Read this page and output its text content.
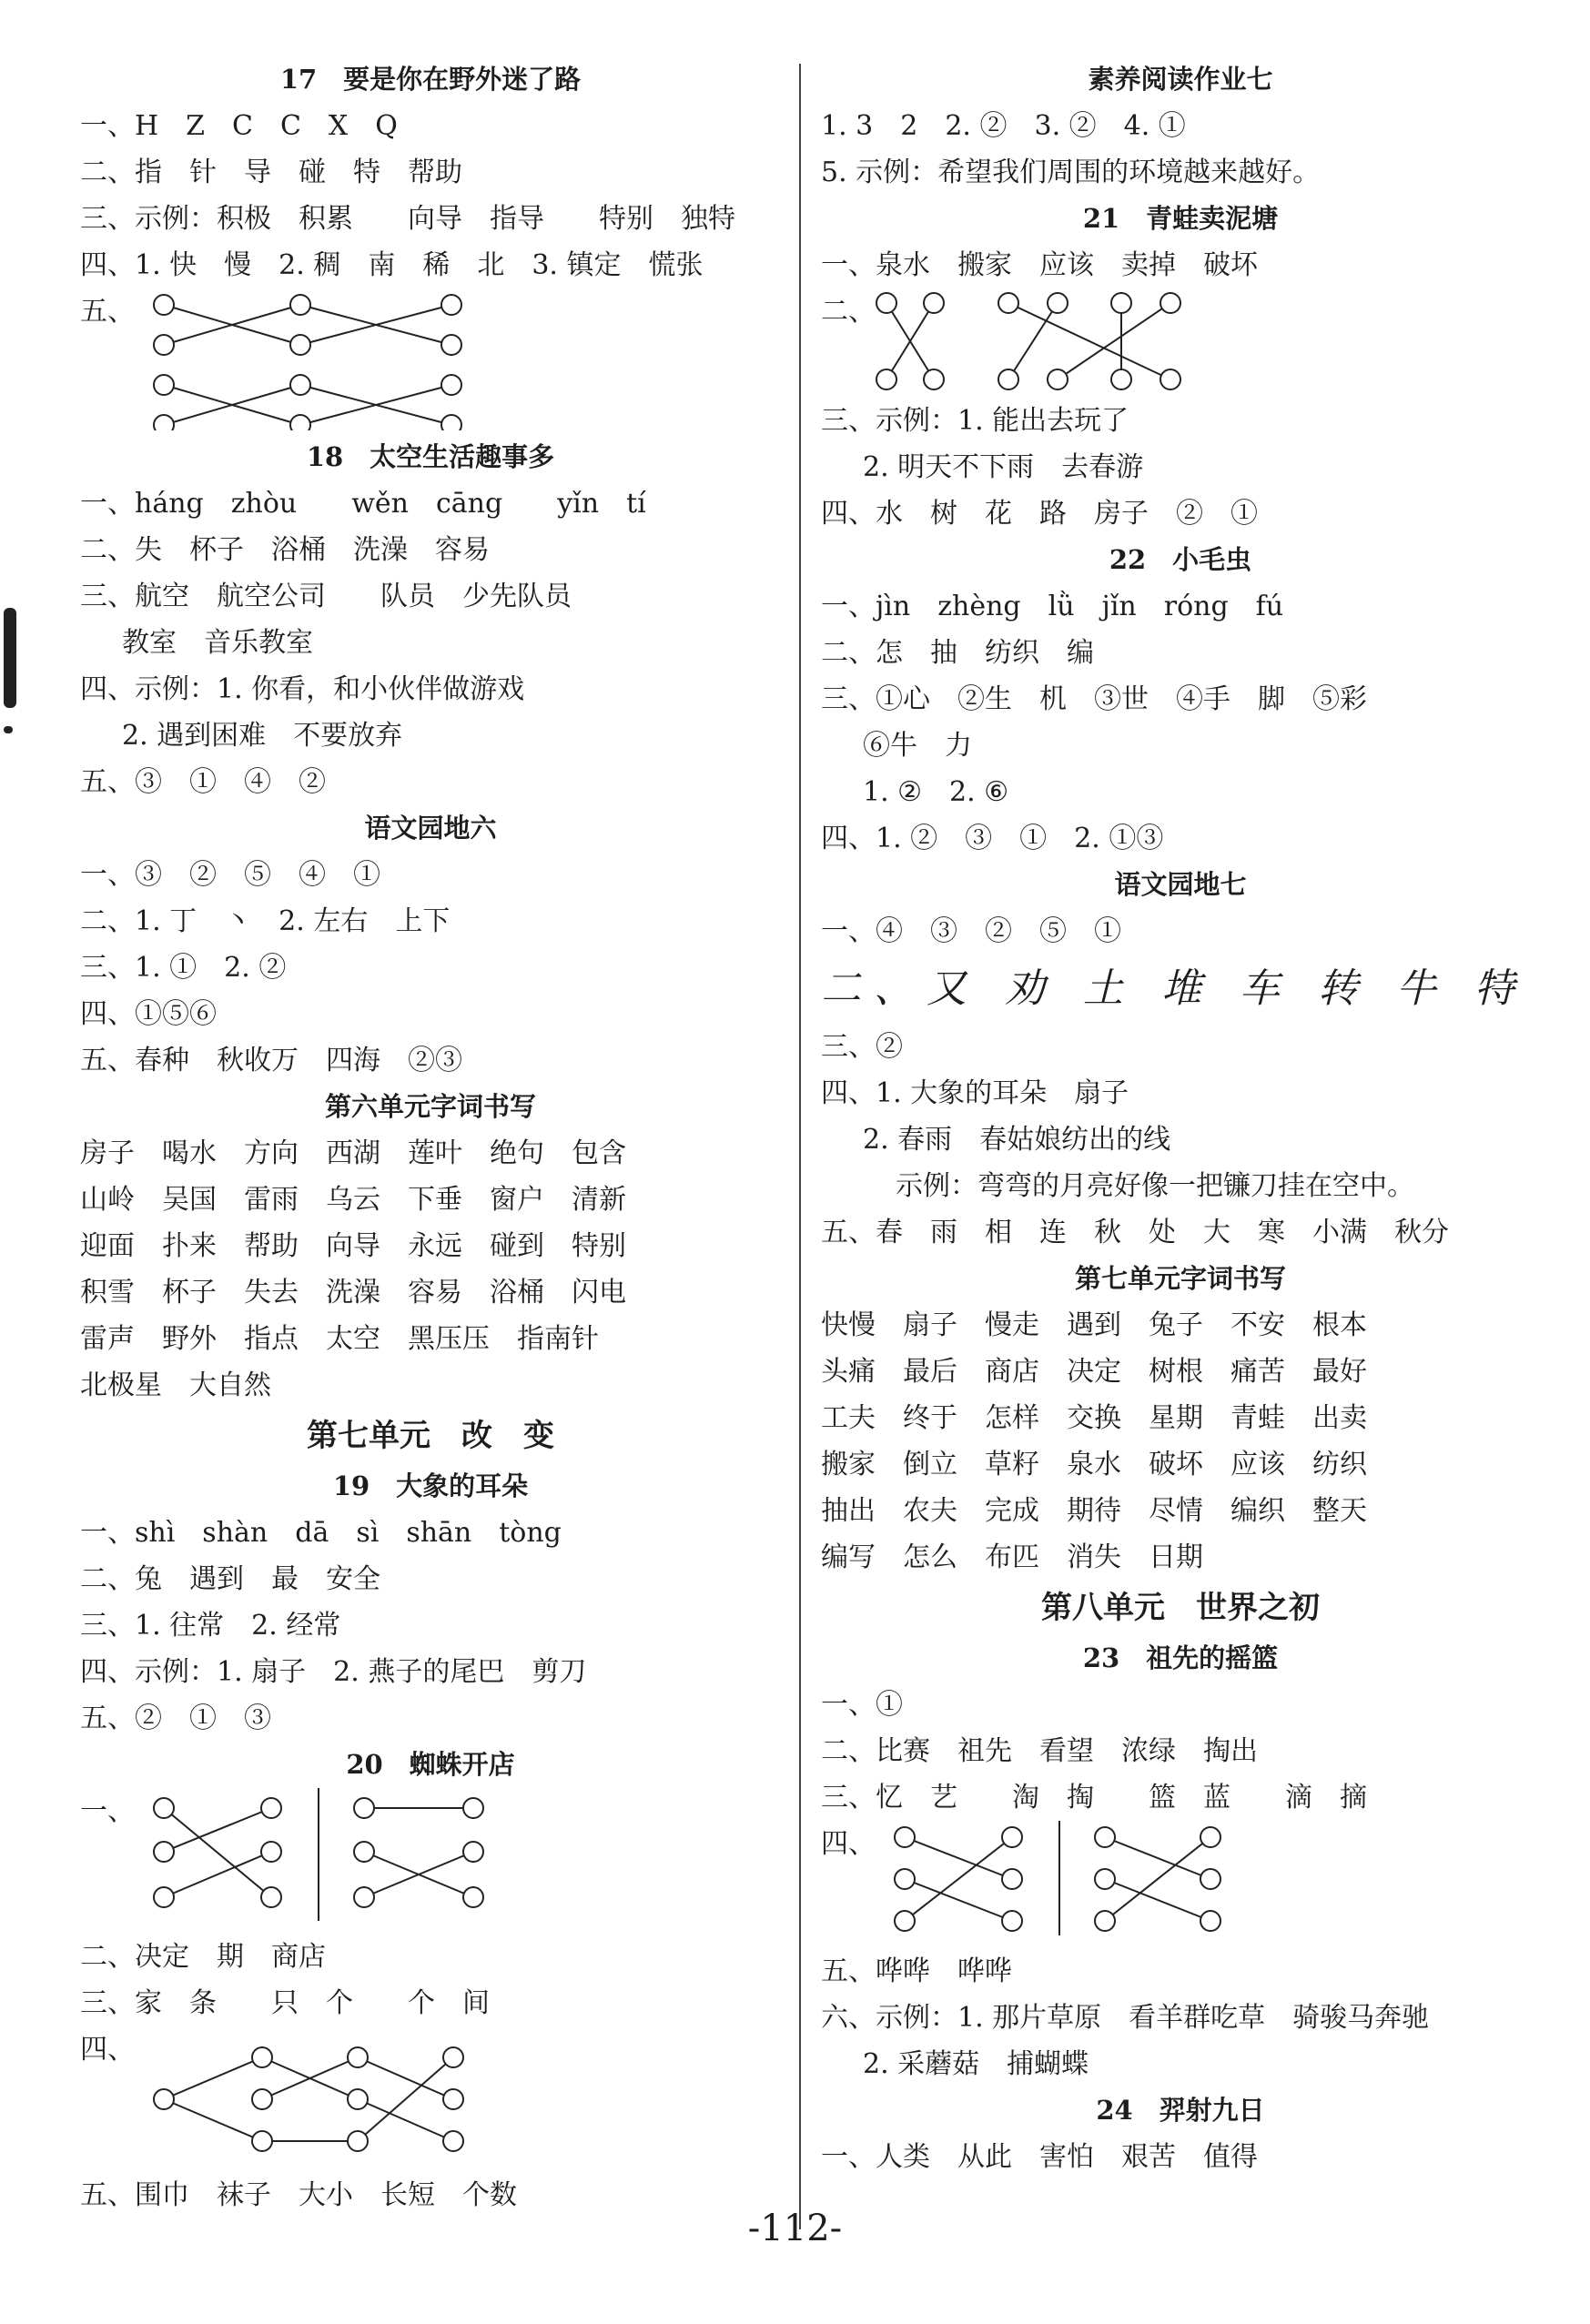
17　要是你在野外迷了路
一、H　Z　C　C　X　Q
二、指　针　导　碰　特　帮助
三、示例：积极　积累　　向导　指导　　特别　独特
四、1. 快　慢　2. 稠　南　稀　北　3. 镇定　慌张
五、
18　太空生活趣事多
一、háng　zhòu　　wěn　cāng　　yǐn　tí
二、失　杯子　浴桶　洗澡　容易
三、航空　航空公司　　队员　少先队员
教室　音乐教室
四、示例：1. 你看，和小伙伴做游戏
2. 遇到困难　不要放弃
五、③　①　④　②
语文园地六
一、③　②　⑤　④　①
二、1. 丁　丶　2. 左右　上下
三、1. ①　2. ②
四、①⑤⑥
五、春种　秋收万　四海　②③
第六单元字词书写
房子　喝水　方向　西湖　莲叶　绝句　包含
山岭　吴国　雷雨　乌云　下垂　窗户　清新
迎面　扑来　帮助　向导　永远　碰到　特别
积雪　杯子　失去　洗澡　容易　浴桶　闪电
雷声　野外　指点　太空　黑压压　指南针
北极星　大自然
第七单元　改　变
19　大象的耳朵
一、shì　shàn　dā　sì　shān　tòng
二、兔　遇到　最　安全
三、1. 往常　2. 经常
四、示例：1. 扇子　2. 燕子的尾巴　剪刀
五、②　①　③
20　蜘蛛开店
一、
二、决定　期　商店
三、家　条　　只　个　　个　间
四、
五、围巾　袜子　大小　长短　个数
素养阅读作业七
1. 3　2　2. ②　3. ②　4. ①
5. 示例：希望我们周围的环境越来越好。
21　青蛙卖泥塘
一、泉水　搬家　应该　卖掉　破坏
二、
三、示例：1. 能出去玩了
2. 明天不下雨　去春游
四、水　树　花　路　房子　②　①
22　小毛虫
一、jìn　zhèng　lǜ　jǐn　róng　fú
二、怎　抽　纺织　编
三、①心　②生　机　③世　④手　脚　⑤彩
⑥牛　力
1. ②　2. ⑥
四、1. ②　③　①　2. ①③
语文园地七
一、④　③　②　⑤　①
二、又 劝 土 堆 车 转 牛 特
三、②
四、1. 大象的耳朵　扇子
2. 春雨　春姑娘纺出的线
示例：弯弯的月亮好像一把镰刀挂在空中。
五、春　雨　相　连　秋　处　大　寒　小满　秋分
第七单元字词书写
快慢　扇子　慢走　遇到　兔子　不安　根本
头痛　最后　商店　决定　树根　痛苦　最好
工夫　终于　怎样　交换　星期　青蛙　出卖
搬家　倒立　草籽　泉水　破坏　应该　纺织
抽出　农夫　完成　期待　尽情　编织　整天
编写　怎么　布匹　消失　日期
第八单元　世界之初
23　祖先的摇篮
一、①
二、比赛　祖先　看望　浓绿　掏出
三、忆　艺　　淘　掏　　篮　蓝　　滴　摘
四、
五、哗哗　哗哗
六、示例：1. 那片草原　看羊群吃草　骑骏马奔驰
2. 采蘑菇　捕蝴蝶
24　羿射九日
一、人类　从此　害怕　艰苦　值得
-112-
